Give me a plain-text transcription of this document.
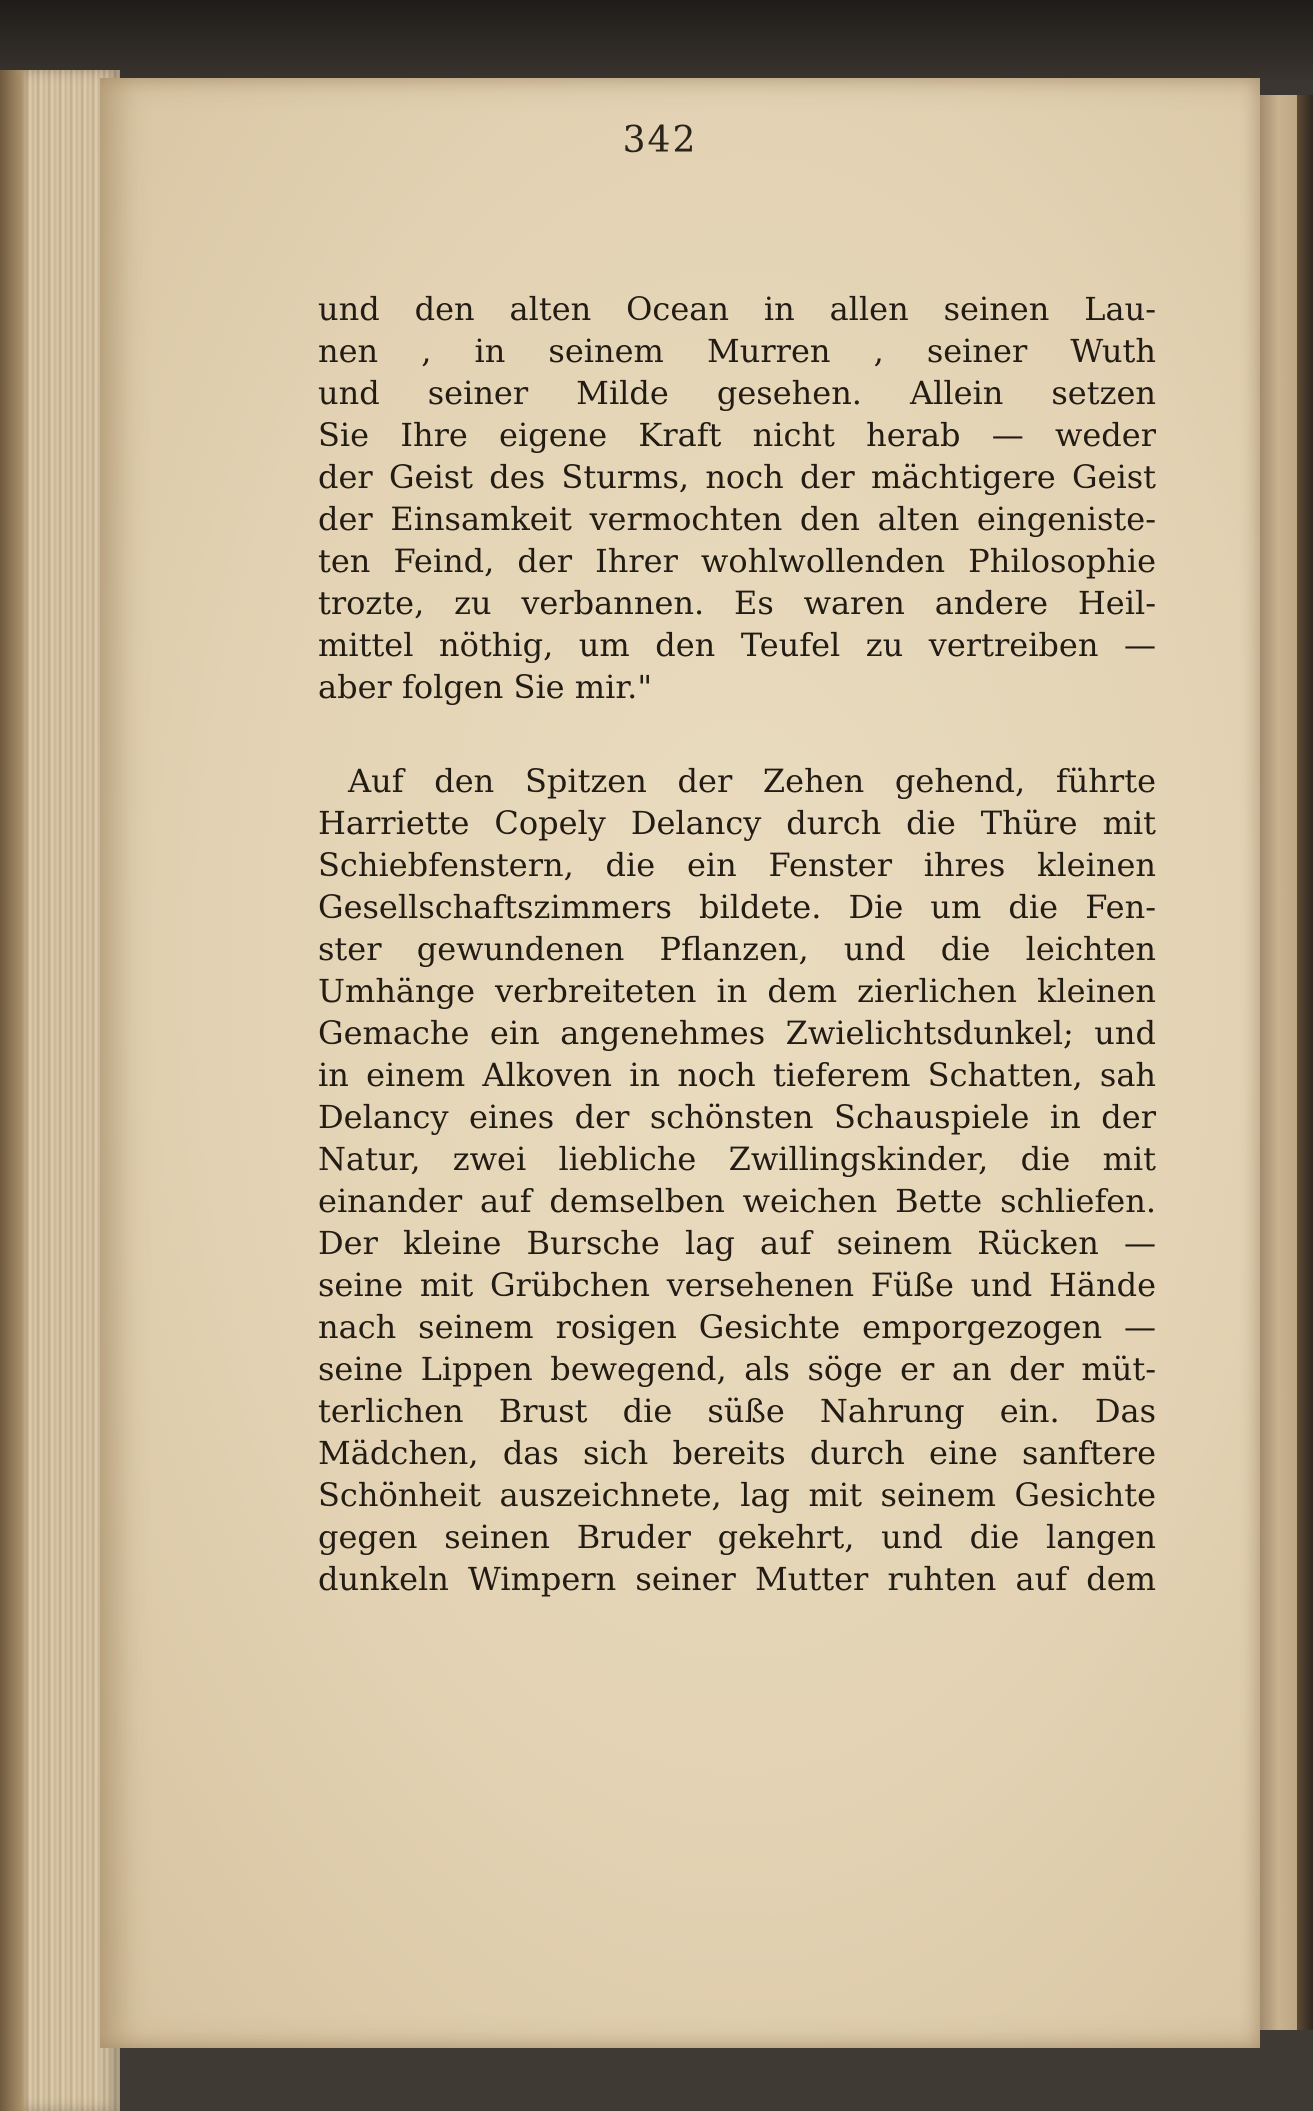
342
und den alten Ocean in allen seinen Lau-
nen , in seinem Murren , seiner Wuth
und seiner Milde gesehen. Allein setzen
Sie Ihre eigene Kraft nicht herab — weder
der Geist des Sturms, noch der mächtigere Geist
der Einsamkeit vermochten den alten eingeniste-
ten Feind, der Ihrer wohlwollenden Philosophie
trozte, zu verbannen. Es waren andere Heil-
mittel nöthig, um den Teufel zu vertreiben —
aber folgen Sie mir."
Auf den Spitzen der Zehen gehend, führte
Harriette Copely Delancy durch die Thüre mit
Schiebfenstern, die ein Fenster ihres kleinen
Gesellschaftszimmers bildete. Die um die Fen-
ster gewundenen Pflanzen, und die leichten
Umhänge verbreiteten in dem zierlichen kleinen
Gemache ein angenehmes Zwielichtsdunkel; und
in einem Alkoven in noch tieferem Schatten, sah
Delancy eines der schönsten Schauspiele in der
Natur, zwei liebliche Zwillingskinder, die mit
einander auf demselben weichen Bette schliefen.
Der kleine Bursche lag auf seinem Rücken —
seine mit Grübchen versehenen Füße und Hände
nach seinem rosigen Gesichte emporgezogen —
seine Lippen bewegend, als söge er an der müt-
terlichen Brust die süße Nahrung ein. Das
Mädchen, das sich bereits durch eine sanftere
Schönheit auszeichnete, lag mit seinem Gesichte
gegen seinen Bruder gekehrt, und die langen
dunkeln Wimpern seiner Mutter ruhten auf dem
